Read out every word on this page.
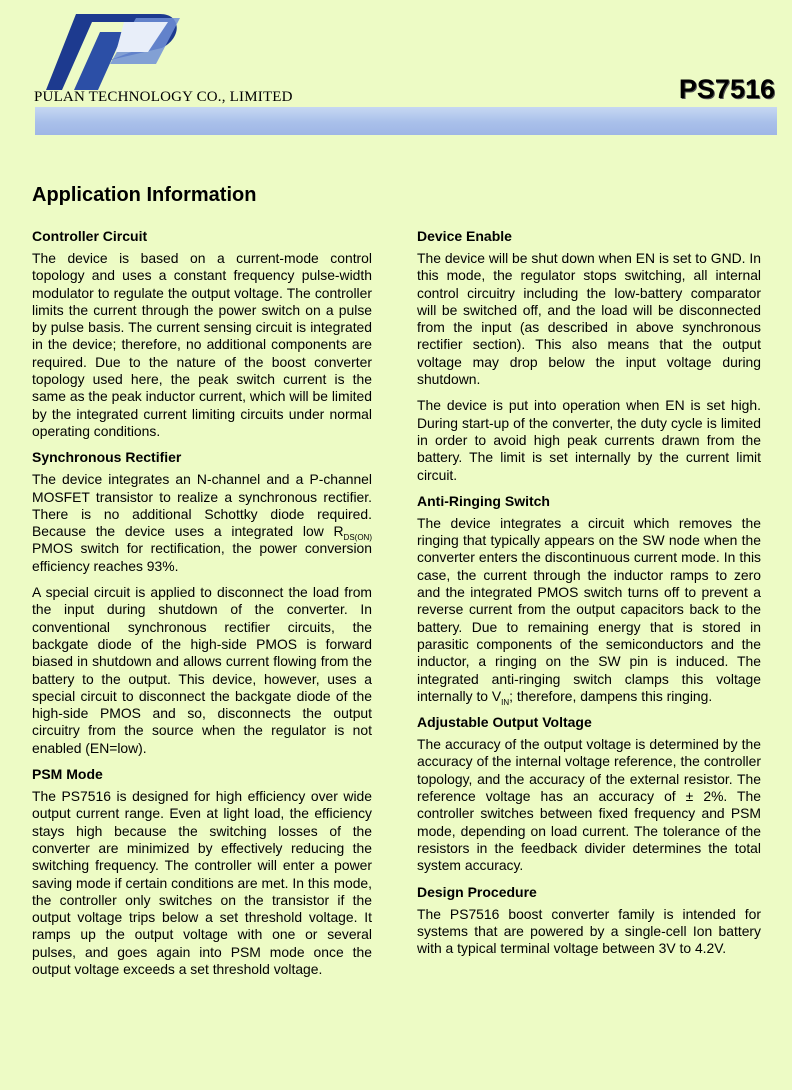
PULAN TECHNOLOGY CO., LIMITED	PS7516
Application Information
Controller Circuit

The device is based on a current-mode control topology and uses a constant frequency pulse-width modulator to regulate the output voltage. The controller limits the current through the power switch on a pulse by pulse basis. The current sensing circuit is integrated in the device; therefore, no additional components are required. Due to the nature of the boost converter topology used here, the peak switch current is the same as the peak inductor current, which will be limited by the integrated current limiting circuits under normal operating conditions.

Synchronous Rectifier

The device integrates an N-channel and a P-channel MOSFET transistor to realize a synchronous rectifier. There is no additional Schottky diode required. Because the device uses a integrated low $R_{DS(ON)}$ PMOS switch for rectification, the power conversion efficiency reaches 93%.

A special circuit is applied to disconnect the load from the input during shutdown of the converter. In conventional synchronous rectifier circuits, the backgate diode of the high-side PMOS is forward biased in shutdown and allows current flowing from the battery to the output. This device, however, uses a special circuit to disconnect the backgate diode of the high-side PMOS and so, disconnects the output circuitry from the source when the regulator is not enabled (EN=low).

PSM Mode

The PS7516 is designed for high efficiency over wide output current range. Even at light load, the efficiency stays high because the switching losses of the converter are minimized by effectively reducing the switching frequency. The controller will enter a power saving mode if certain conditions are met. In this mode, the controller only switches on the transistor if the output voltage trips below a set threshold voltage. It ramps up the output voltage with one or several pulses, and goes again into PSM mode once the output voltage exceeds a set threshold voltage.

Device Enable

The device will be shut down when EN is set to GND. In this mode, the regulator stops switching, all internal control circuitry including the low-battery comparator will be switched off, and the load will be disconnected from the input (as described in above synchronous rectifier section). This also means that the output voltage may drop below the input voltage during shutdown.

The device is put into operation when EN is set high. During start-up of the converter, the duty cycle is limited in order to avoid high peak currents drawn from the battery. The limit is set internally by the current limit circuit.

Anti-Ringing Switch

The device integrates a circuit which removes the ringing that typically appears on the SW node when the converter enters the discontinuous current mode. In this case, the current through the inductor ramps to zero and the integrated PMOS switch turns off to prevent a reverse current from the output capacitors back to the battery. Due to remaining energy that is stored in parasitic components of the semiconductors and the inductor, a ringing on the SW pin is induced. The integrated anti-ringing switch clamps this voltage internally to $V_{IN}$; therefore, dampens this ringing.

Adjustable Output Voltage

The accuracy of the output voltage is determined by the accuracy of the internal voltage reference, the controller topology, and the accuracy of the external resistor. The reference voltage has an accuracy of ± 2%. The controller switches between fixed frequency and PSM mode, depending on load current. The tolerance of the resistors in the feedback divider determines the total system accuracy.

Design Procedure

The PS7516 boost converter family is intended for systems that are powered by a single-cell Ion battery with a typical terminal voltage between 3V to 4.2V.
